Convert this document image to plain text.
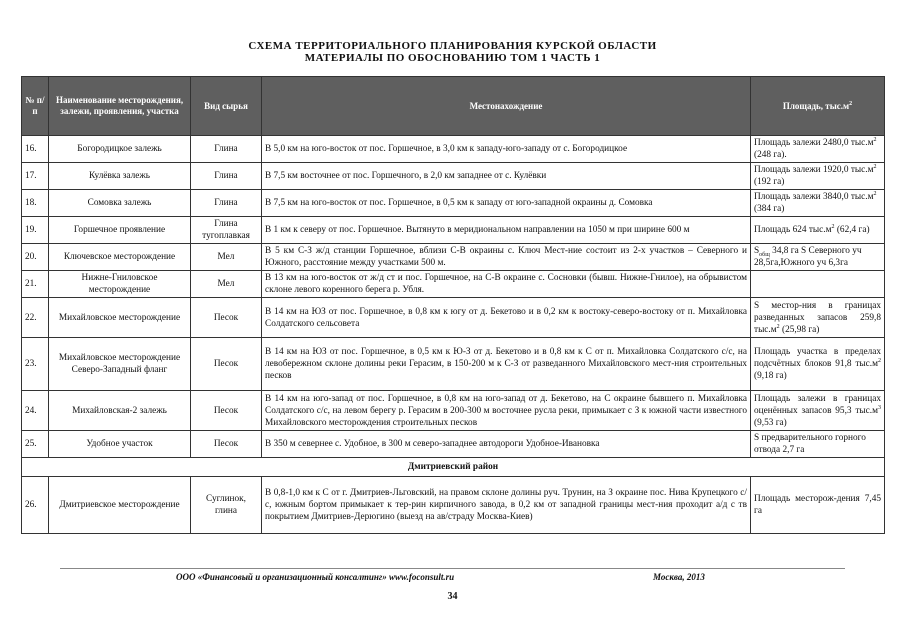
СХЕМА ТЕРРИТОРИАЛЬНОГО ПЛАНИРОВАНИЯ КУРСКОЙ ОБЛАСТИ
МАТЕРИАЛЫ ПО ОБОСНОВАНИЮ ТОМ 1 ЧАСТЬ 1
№ п/ п	Наименование месторождения, залежи, проявления, участка	Вид сырья	Местонахождение	Площадь, $тыс.м^2$
16.	Богородицкое залежь	Глина	В 5,0 км на юго-восток от пос. Горшечное, в 3,0 км к западу-юго-западу от с. Богородицкое	Площадь залежи 2480,0 $тыс.м^2$ (248 га).
17.	Кулёвка залежь	Глина	В 7,5 км восточнее от пос. Горшечного, в 2,0 км западнее от с. Кулёвки	Площадь залежи 1920,0 $тыс.м^2$ (192 га)
18.	Сомовка залежь	Глина	В 7,5 км на юго-восток от пос. Горшечное, в 0,5 км к западу от юго-западной окраины д. Сомовка	Площадь залежи 3840,0 $тыс.м^2$ (384 га)
19.	Горшечное проявление	Глина тугоплавкая	В 1 км к северу от пос. Горшечное. Вытянуто в меридиональном направлении на 1050 м при ширине 600 м	Площадь 624 $тыс.м^2$ (62,4 га)
20.	Ключевское месторождение	Мел	В 5 км С-З ж/д станции Горшечное, вблизи С-В окраины с. Ключ Мест-ние состоит из 2-х участков – Северного и Южного, расстояние между участками 500 м.	$S_{общ}$ 34,8 га S Северного уч 28,5га,Южного уч 6,3га
21.	Нижне-Гниловское месторождение	Мел	В 13 км на юго-восток от ж/д ст и пос. Горшечное, на С-В окраине с. Сосновки (бывш. Нижне-Гнилое), на обрывистом склоне левого коренного берега р. Убля.	
22.	Михайловское месторождение	Песок	В 14 км на ЮЗ от пос. Горшечное, в 0,8 км к югу от д. Бекетово и в 0,2 км к востоку-северо-востоку от п. Михайловка Солдатского сельсовета	S местор-ния в границах разведанных запасов 259,8 $тыс.м^2$ (25,98 га)
23.	Михайловское месторождение Северо-Западный фланг	Песок	В 14 км на ЮЗ от пос. Горшечное, в 0,5 км к Ю-З от д. Бекетово и в 0,8 км к С от п. Михайловка Солдатского с/с, на левобережном склоне долины реки Герасим, в 150-200 м к С-З от разведанного Михайловского мест-ния строительных песков	Площадь участка в пределах подсчётных блоков 91,8 $тыс.м^2$ (9,18 га)
24.	Михайловская-2 залежь	Песок	В 14 км на юго-запад от пос. Горшечное, в 0,8 км на юго-запад от д. Бекетово, на С окраине бывшего п. Михайловка Солдатского с/с, на левом берегу р. Герасим в 200-300 м восточнее русла реки, примыкает с З к южной части известного Михайловского месторождения строительных песков	Площадь залежи в границах оценённых запасов 95,3 $тыс.м^3$ (9,53 га)
25.	Удобное участок	Песок	В 350 м севернее с. Удобное, в 300 м северо-западнее автодороги Удобное-Ивановка	S предварительного горного отвода 2,7 га
Дмитриевский район				
26.	Дмитриевское месторождение	Суглинок, глина	В 0,8-1,0 км к С от г. Дмитриев-Льговский, на правом склоне долины руч. Трунин, на З окраине пос. Нива Крупецкого с/с, южным бортом примыкает к тер-рин кирпичного завода, в 0,2 км от западной границы мест-ния проходит а/д с тв покрытием Дмитриев-Дерюгино (выезд на ав/страду Москва-Киев)	Площадь месторож-дения 7,45 га
ООО «Финансовый и организационный консалтинг» www.foconsult.ru	Москва, 2013
34
